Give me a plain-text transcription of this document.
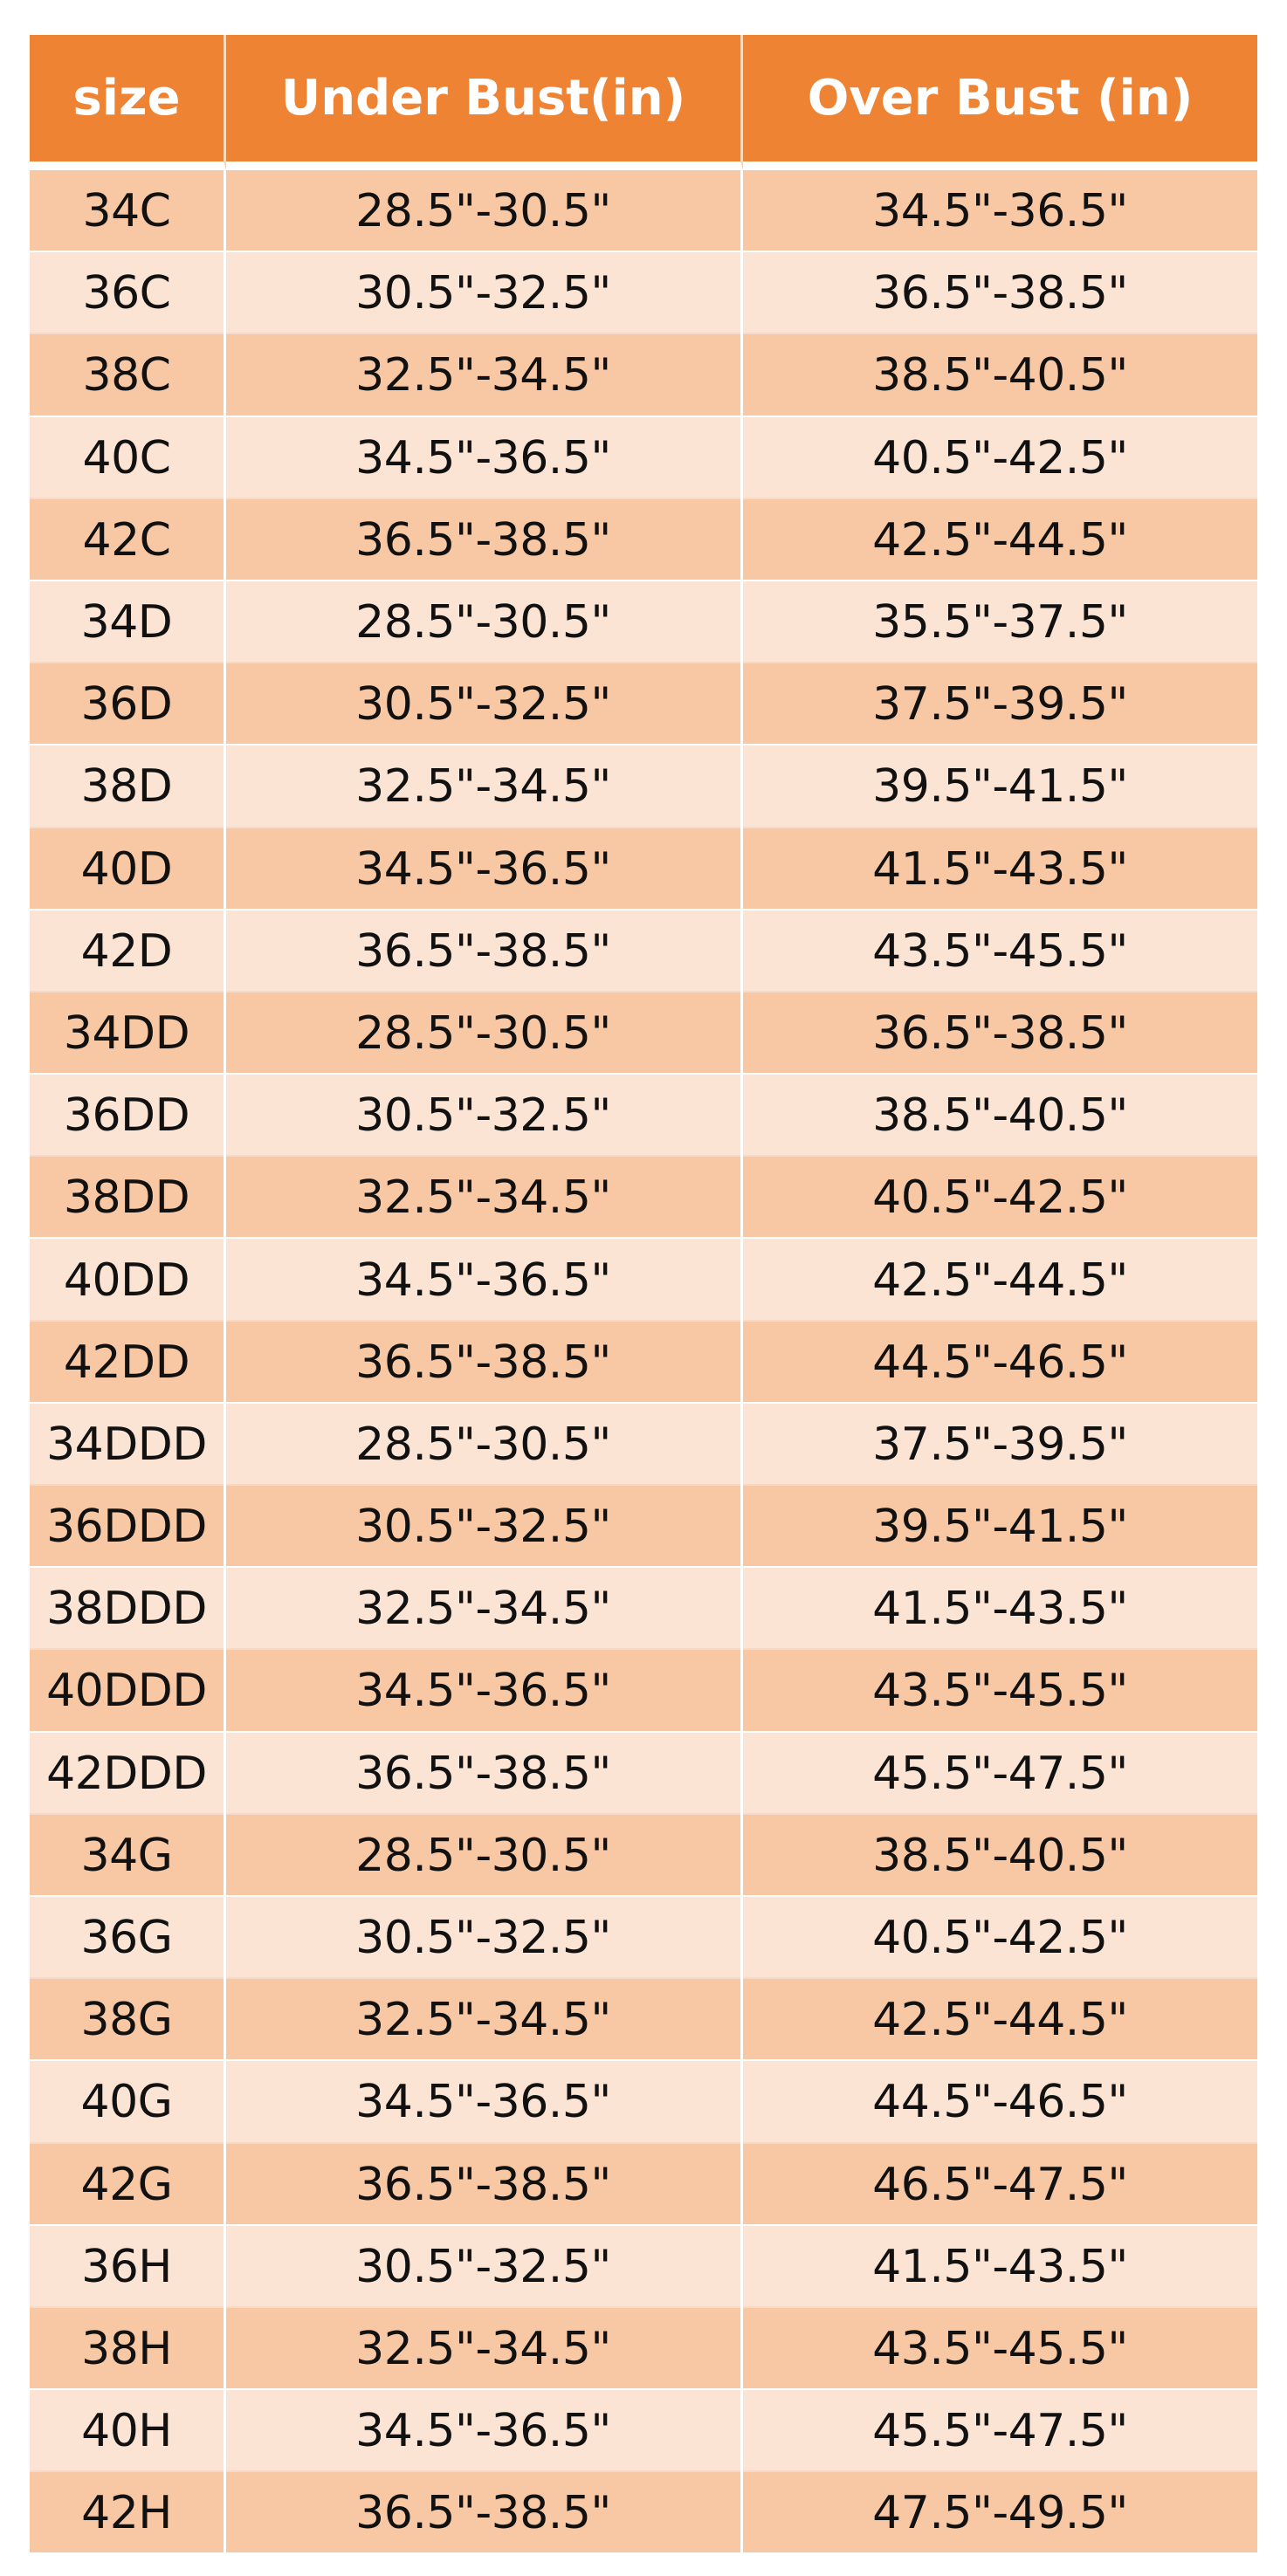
size	Under Bust(in)	Over Bust (in)
34C	28.5"-30.5"	34.5"-36.5"
36C	30.5"-32.5"	36.5"-38.5"
38C	32.5"-34.5"	38.5"-40.5"
40C	34.5"-36.5"	40.5"-42.5"
42C	36.5"-38.5"	42.5"-44.5"
34D	28.5"-30.5"	35.5"-37.5"
36D	30.5"-32.5"	37.5"-39.5"
38D	32.5"-34.5"	39.5"-41.5"
40D	34.5"-36.5"	41.5"-43.5"
42D	36.5"-38.5"	43.5"-45.5"
34DD	28.5"-30.5"	36.5"-38.5"
36DD	30.5"-32.5"	38.5"-40.5"
38DD	32.5"-34.5"	40.5"-42.5"
40DD	34.5"-36.5"	42.5"-44.5"
42DD	36.5"-38.5"	44.5"-46.5"
34DDD	28.5"-30.5"	37.5"-39.5"
36DDD	30.5"-32.5"	39.5"-41.5"
38DDD	32.5"-34.5"	41.5"-43.5"
40DDD	34.5"-36.5"	43.5"-45.5"
42DDD	36.5"-38.5"	45.5"-47.5"
34G	28.5"-30.5"	38.5"-40.5"
36G	30.5"-32.5"	40.5"-42.5"
38G	32.5"-34.5"	42.5"-44.5"
40G	34.5"-36.5"	44.5"-46.5"
42G	36.5"-38.5"	46.5"-47.5"
36H	30.5"-32.5"	41.5"-43.5"
38H	32.5"-34.5"	43.5"-45.5"
40H	34.5"-36.5"	45.5"-47.5"
42H	36.5"-38.5"	47.5"-49.5"
